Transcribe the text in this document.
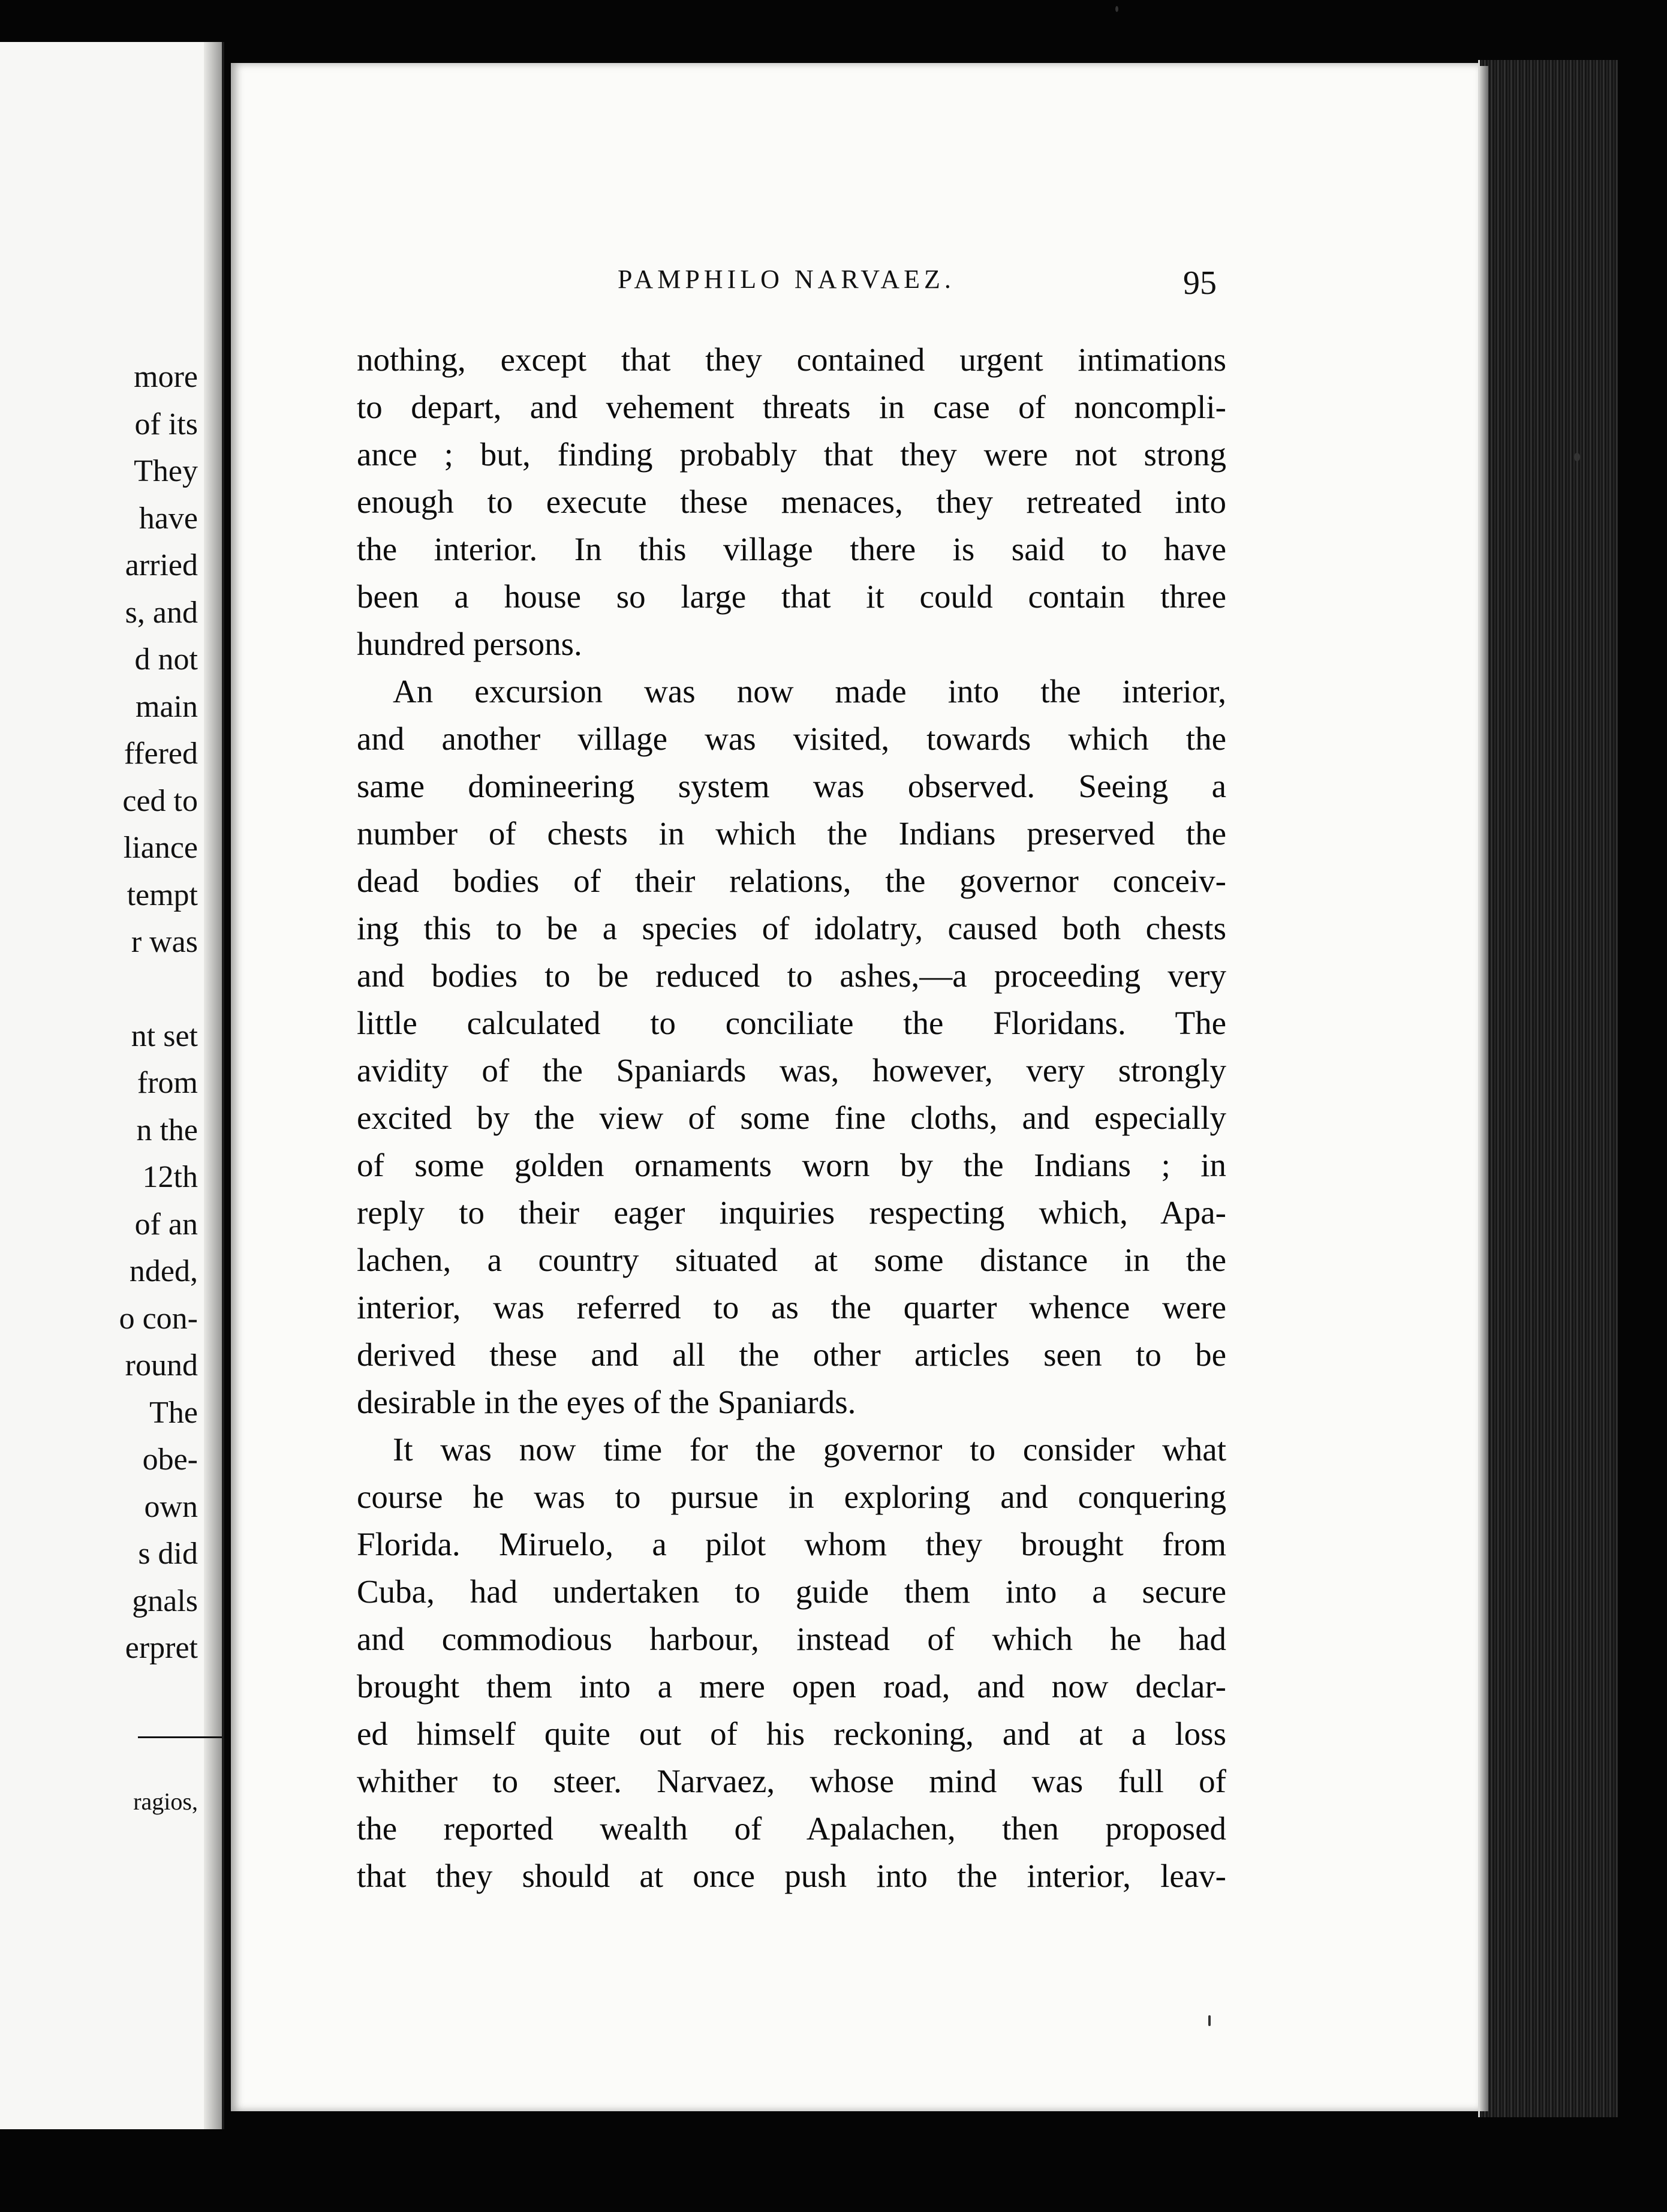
more
of its
They
have
arried
s, and
d not
main
ffered
ced to
liance
tempt
r was
nt set
from
n the
12th
of an
nded,
o con-
round
The
obe-
own
s did
gnals
erpret
ragios,
PAMPHILO NARVAEZ.	95
nothing, except that they contained urgent intimations
to depart, and vehement threats in case of noncompli-
ance ; but, finding probably that they were not strong
enough to execute these menaces, they retreated into
the interior. In this village there is said to have
been a house so large that it could contain three
hundred persons.
An excursion was now made into the interior,
and another village was visited, towards which the
same domineering system was observed. Seeing a
number of chests in which the Indians preserved the
dead bodies of their relations, the governor conceiv-
ing this to be a species of idolatry, caused both chests
and bodies to be reduced to ashes,—a proceeding very
little calculated to conciliate the Floridans. The
avidity of the Spaniards was, however, very strongly
excited by the view of some fine cloths, and especially
of some golden ornaments worn by the Indians ; in
reply to their eager inquiries respecting which, Apa-
lachen, a country situated at some distance in the
interior, was referred to as the quarter whence were
derived these and all the other articles seen to be
desirable in the eyes of the Spaniards.
It was now time for the governor to consider what
course he was to pursue in exploring and conquering
Florida. Miruelo, a pilot whom they brought from
Cuba, had undertaken to guide them into a secure
and commodious harbour, instead of which he had
brought them into a mere open road, and now declar-
ed himself quite out of his reckoning, and at a loss
whither to steer. Narvaez, whose mind was full of
the reported wealth of Apalachen, then proposed
that they should at once push into the interior, leav-
